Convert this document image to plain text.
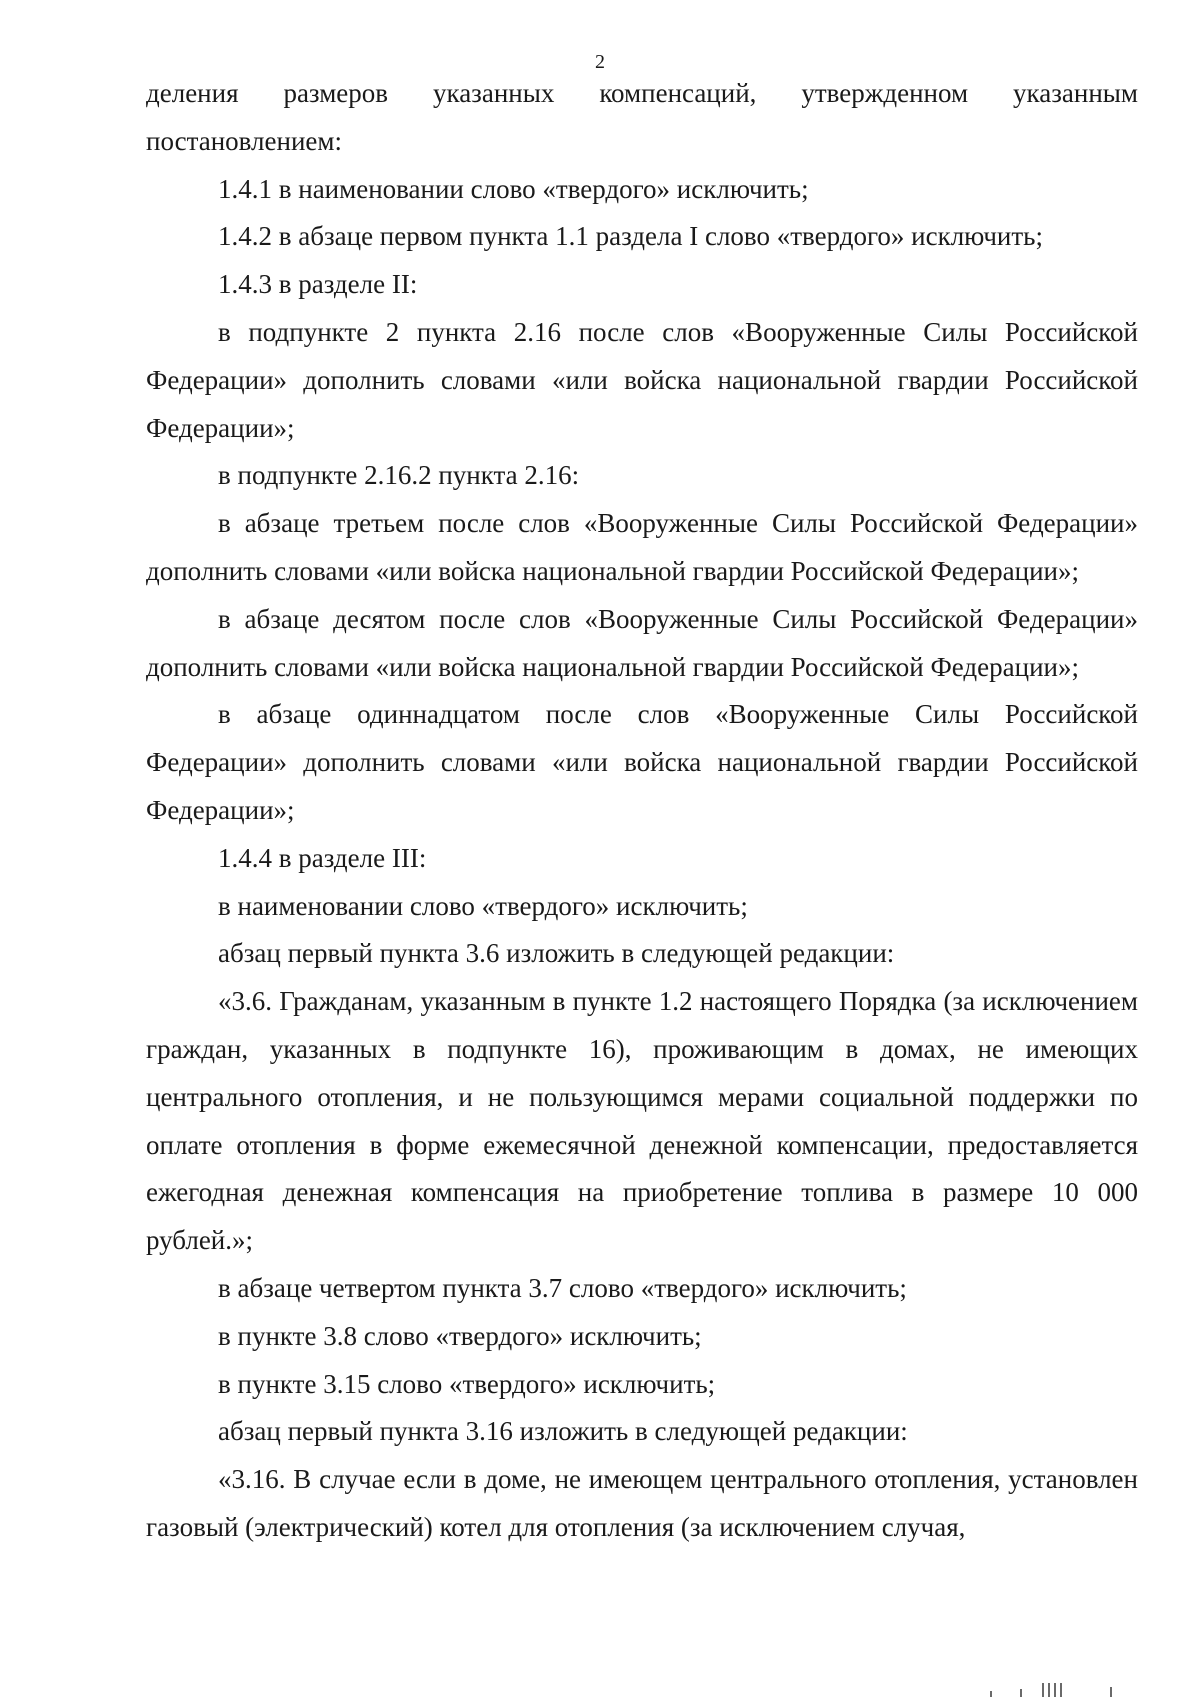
2

деления размеров указанных компенсаций, утвержденном указанным постановлением:

1.4.1 в наименовании слово «твердого» исключить;

1.4.2 в абзаце первом пункта 1.1 раздела I слово «твердого» исключить;

1.4.3 в разделе II:

в подпункте 2 пункта 2.16 после слов «Вооруженные Силы Российской Федерации» дополнить словами «или войска национальной гвардии Российской Федерации»;

в подпункте 2.16.2 пункта 2.16:

в абзаце третьем после слов «Вооруженные Силы Российской Федерации» дополнить словами «или войска национальной гвардии Российской Федерации»;

в абзаце десятом после слов «Вооруженные Силы Российской Федерации» дополнить словами «или войска национальной гвардии Российской Федерации»;

в абзаце одиннадцатом после слов «Вооруженные Силы Российской Федерации» дополнить словами «или войска национальной гвардии Российской Федерации»;

1.4.4 в разделе III:

в наименовании слово «твердого» исключить;

абзац первый пункта 3.6 изложить в следующей редакции:

«3.6. Гражданам, указанным в пункте 1.2 настоящего Порядка (за исключением граждан, указанных в подпункте 16), проживающим в домах, не имеющих центрального отопления, и не пользующимся мерами социальной поддержки по оплате отопления в форме ежемесячной денежной компенсации, предоставляется ежегодная денежная компенсация на приобретение топлива в размере 10 000 рублей.»;

в абзаце четвертом пункта 3.7 слово «твердого» исключить;

в пункте 3.8 слово «твердого» исключить;

в пункте 3.15 слово «твердого» исключить;

абзац первый пункта 3.16 изложить в следующей редакции:

«3.16. В случае если в доме, не имеющем центрального отопления, установлен газовый (электрический) котел для отопления (за исключением случая,
